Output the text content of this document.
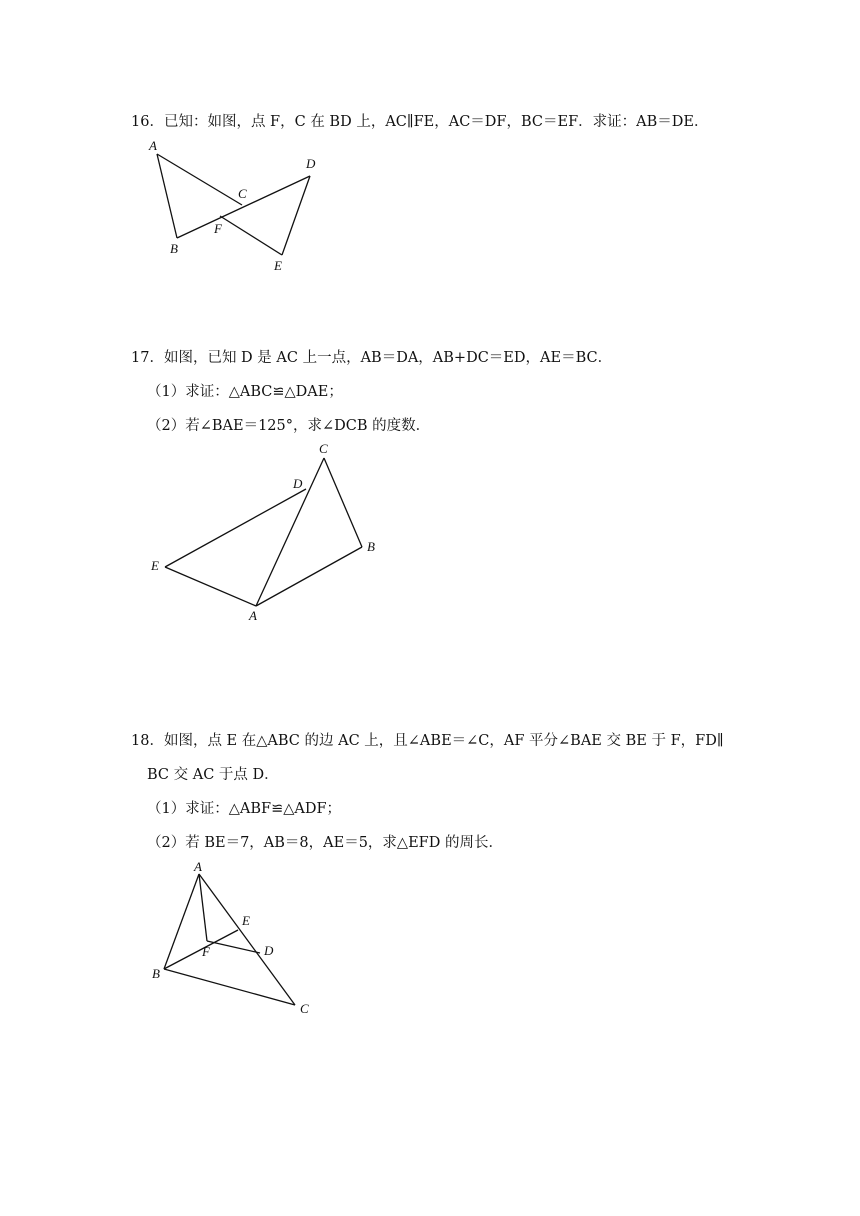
16．已知：如图，点 F，C 在 BD 上，AC∥FE，AC＝DF，BC＝EF．求证：AB＝DE．
A
B
C
D
E
F
17．如图，已知 D 是 AC 上一点，AB＝DA，AB+DC＝ED，AE＝BC．
（1）求证：△ABC≌△DAE；
（2）若∠BAE＝125°，求∠DCB 的度数．
C
D
B
E
A
18．如图，点 E 在△ABC 的边 AC 上，且∠ABE＝∠C，AF 平分∠BAE 交 BE 于 F，FD∥
BC 交 AC 于点 D．
（1）求证：△ABF≌△ADF；
（2）若 BE＝7，AB＝8，AE＝5，求△EFD 的周长．
A
B
C
D
E
F
